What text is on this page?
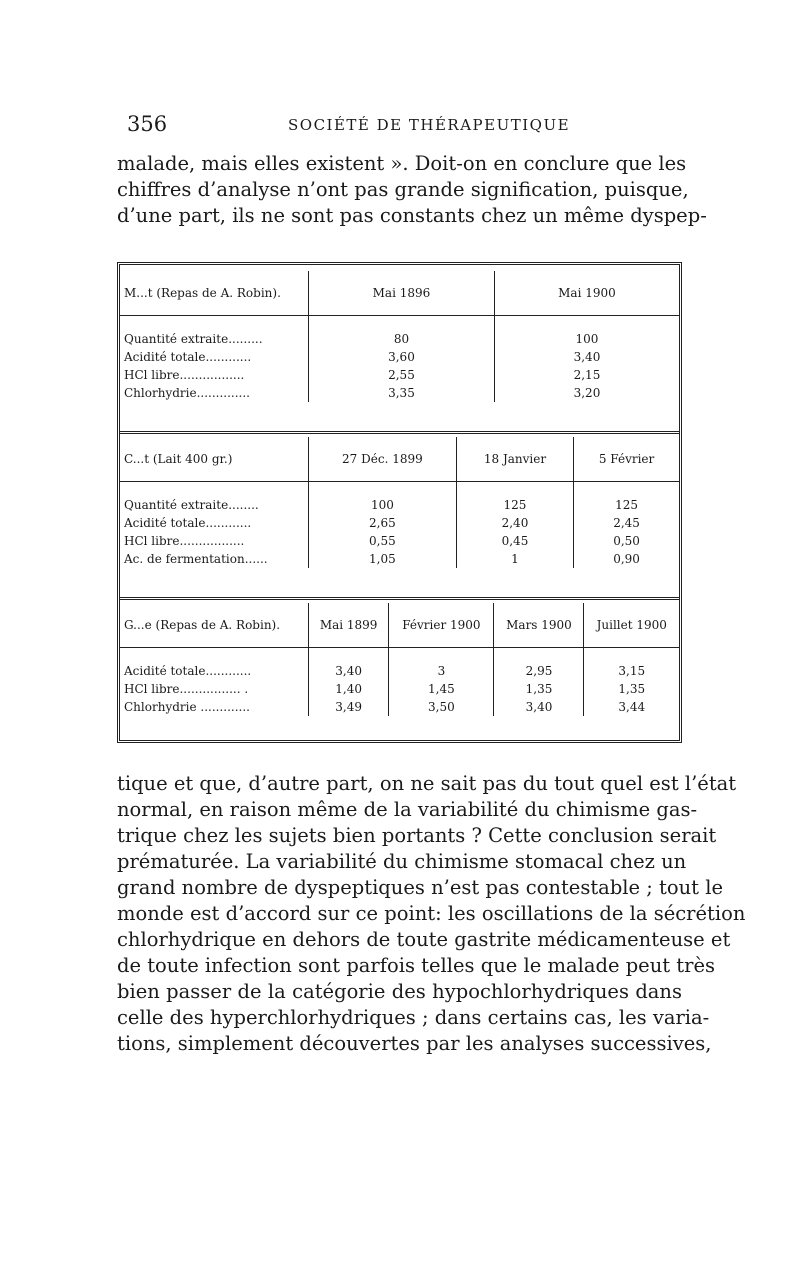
356	SOCIÉTÉ DE THÉRAPEUTIQUE
malade, mais elles existent ». Doit-on en conclure que les
chiffres d’analyse n’ont pas grande signification, puisque,
d’une part, ils ne sont pas constants chez un même dyspep-
M...t (Repas de A. Robin).	Mai 1896	Mai 1900

Quantité extraite.........	80	100
Acidité totale............	3,60	3,40
HCl libre.................	2,55	2,15
Chlorhydrie..............	3,35	3,20
C...t (Lait 400 gr.)	27 Déc. 1899	18 Janvier	5 Février

Quantité extraite........	100	125	125
Acidité totale............	2,65	2,40	2,45
HCl libre.................	0,55	0,45	0,50
Ac. de fermentation......	1,05	1	0,90
G...e (Repas de A. Robin).	Mai 1899	Février 1900	Mars 1900	Juillet 1900

Acidité totale............	3,40	3	2,95	3,15
HCl libre................ .	1,40	1,45	1,35	1,35
Chlorhydrie .............	3,49	3,50	3,40	3,44
tique et que, d’autre part, on ne sait pas du tout quel est l’état
normal, en raison même de la variabilité du chimisme gas-
trique chez les sujets bien portants ? Cette conclusion serait
prématurée. La variabilité du chimisme stomacal chez un
grand nombre de dyspeptiques n’est pas contestable ; tout le
monde est d’accord sur ce point: les oscillations de la sécrétion
chlorhydrique en dehors de toute gastrite médicamenteuse et
de toute infection sont parfois telles que le malade peut très
bien passer de la catégorie des hypochlorhydriques dans
celle des hyperchlorhydriques ; dans certains cas, les varia-
tions, simplement découvertes par les analyses successives,
